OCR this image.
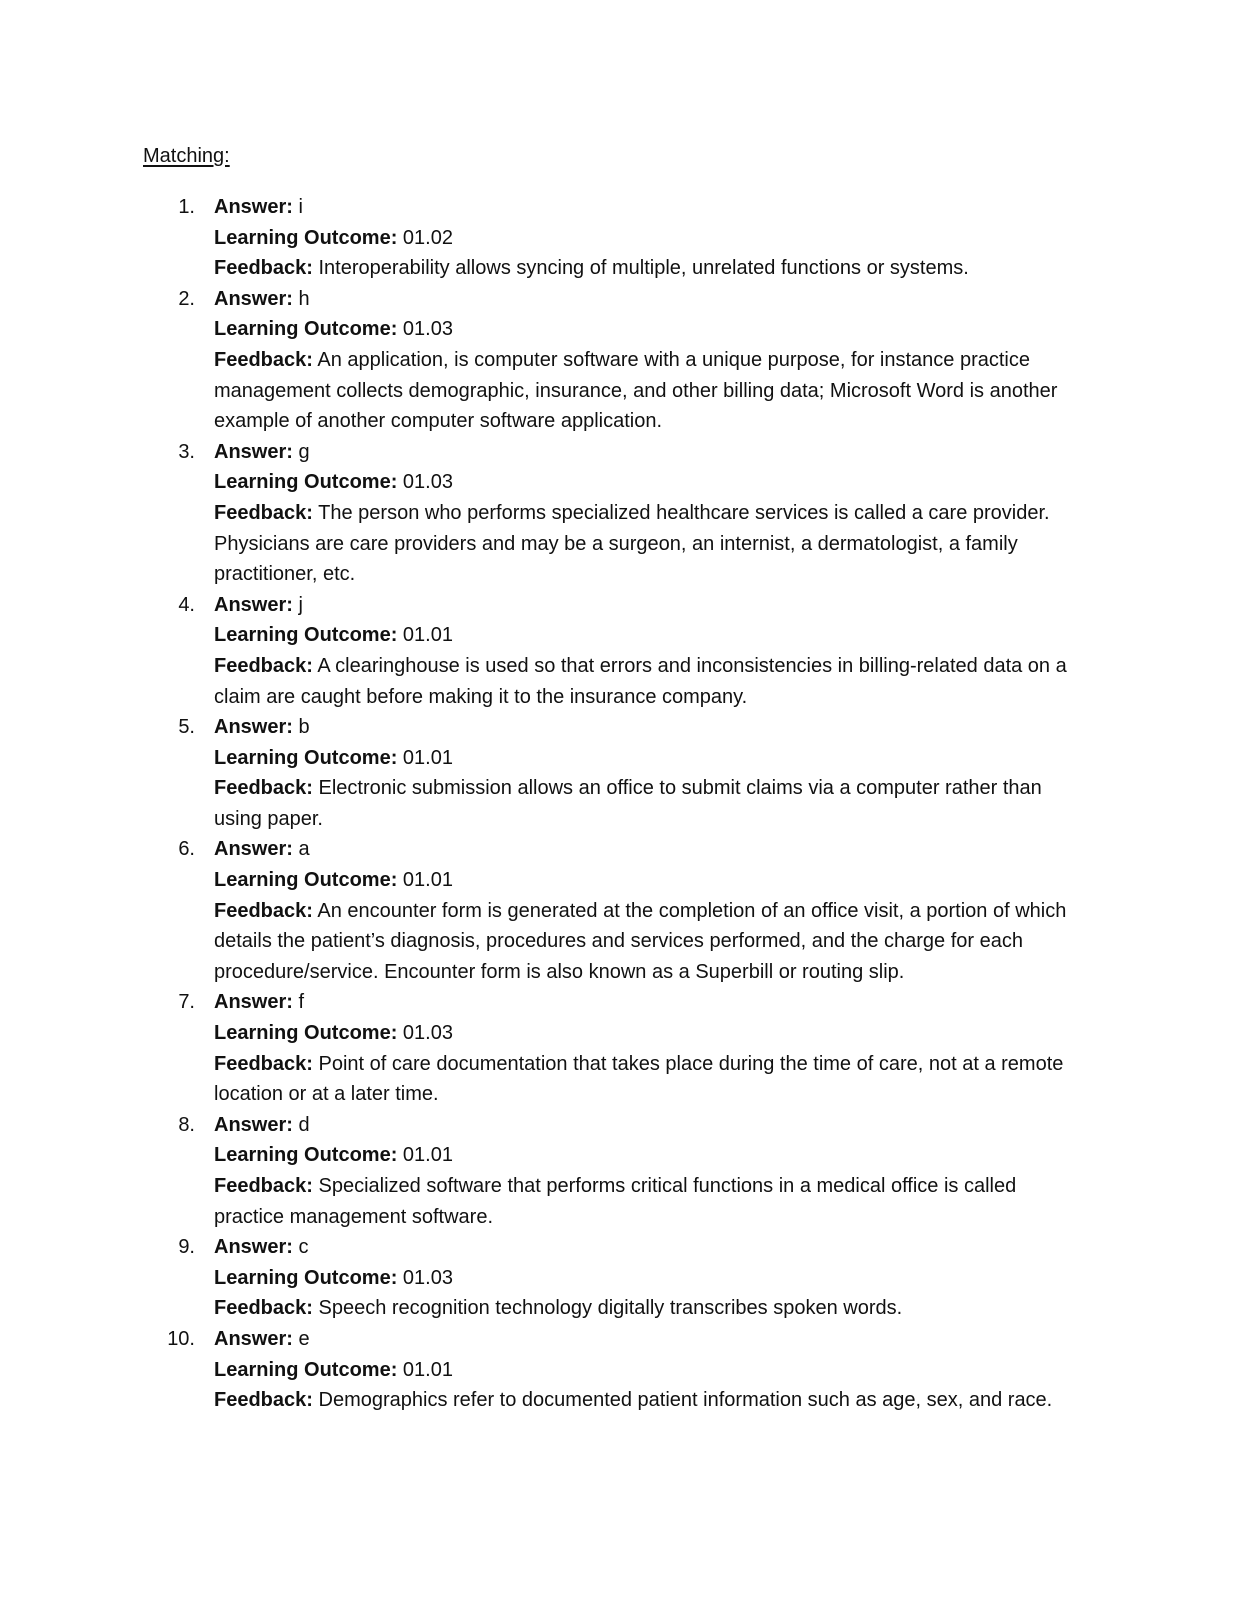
Matching:
1. Answer: i
Learning Outcome: 01.02
Feedback: Interoperability allows syncing of multiple, unrelated functions or systems.
2. Answer: h
Learning Outcome: 01.03
Feedback: An application, is computer software with a unique purpose, for instance practice management collects demographic, insurance, and other billing data; Microsoft Word is another example of another computer software application.
3. Answer: g
Learning Outcome: 01.03
Feedback: The person who performs specialized healthcare services is called a care provider. Physicians are care providers and may be a surgeon, an internist, a dermatologist, a family practitioner, etc.
4. Answer: j
Learning Outcome: 01.01
Feedback: A clearinghouse is used so that errors and inconsistencies in billing-related data on a claim are caught before making it to the insurance company.
5. Answer: b
Learning Outcome: 01.01
Feedback: Electronic submission allows an office to submit claims via a computer rather than using paper.
6. Answer: a
Learning Outcome: 01.01
Feedback: An encounter form is generated at the completion of an office visit, a portion of which details the patient’s diagnosis, procedures and services performed, and the charge for each procedure/service. Encounter form is also known as a Superbill or routing slip.
7. Answer: f
Learning Outcome: 01.03
Feedback: Point of care documentation that takes place during the time of care, not at a remote location or at a later time.
8. Answer: d
Learning Outcome: 01.01
Feedback: Specialized software that performs critical functions in a medical office is called practice management software.
9. Answer: c
Learning Outcome: 01.03
Feedback: Speech recognition technology digitally transcribes spoken words.
10. Answer: e
Learning Outcome: 01.01
Feedback: Demographics refer to documented patient information such as age, sex, and race.
